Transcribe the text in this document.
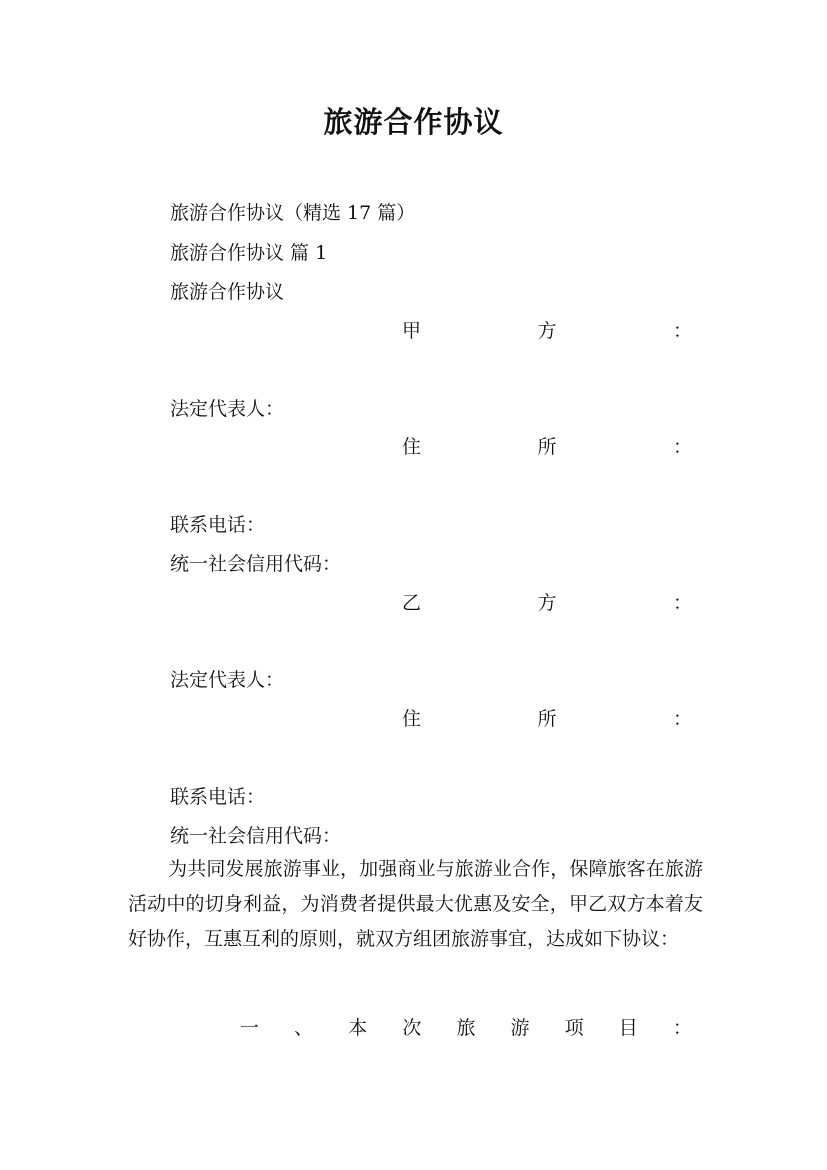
旅游合作协议
旅游合作协议（精选 17 篇）
旅游合作协议 篇 1
旅游合作协议
甲	方	：
法定代表人：
住	所	：
联系电话：
统一社会信用代码：
乙	方	：
法定代表人：
住	所	：
联系电话：
统一社会信用代码：
为共同发展旅游事业，加强商业与旅游业合作，保障旅客在旅游活动中的切身利益，为消费者提供最大优惠及安全，甲乙双方本着友好协作，互惠互利的原则，就双方组团旅游事宜，达成如下协议：
一 、 本 次 旅 游 项 目 ：
